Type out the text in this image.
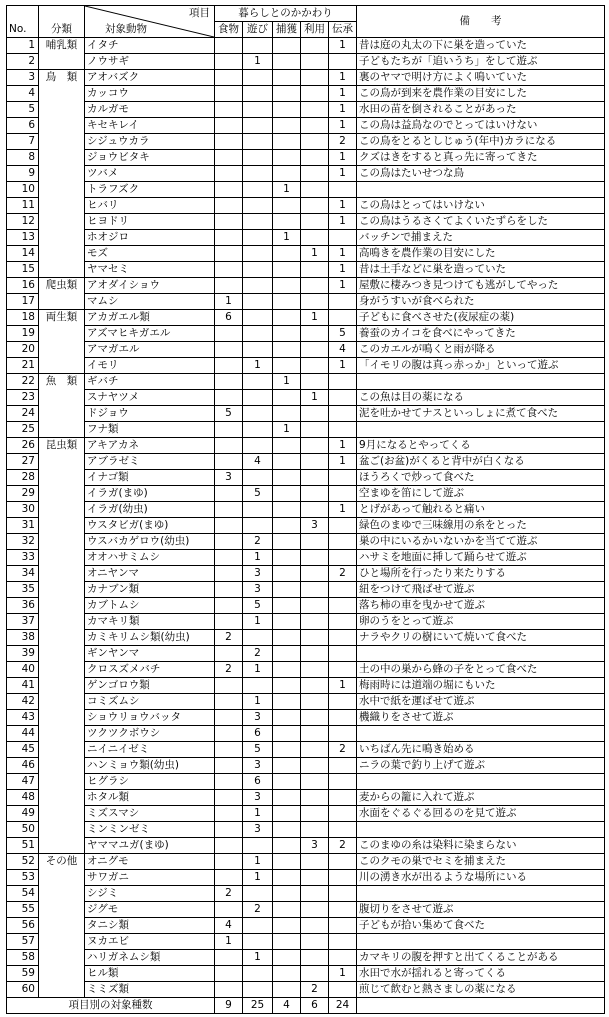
		項目
対象動物	暮らしとのかかわり					備　　考
No.	分類		食物	遊び	捕獲	利用	伝承	
1	哺乳類	イタチ					1	昔は庭の丸太の下に巣を造っていた
2		ノウサギ		1				子どもたちが「追いうち」をして遊ぶ
3	鳥　類	アオバズク					1	裏のヤマで明け方によく鳴いていた
4		カッコウ					1	この鳥が到来を農作業の目安にした
5		カルガモ					1	水田の苗を倒されることがあった
6		キセキレイ					1	この鳥は益鳥なのでとってはいけない
7		シジュウカラ					2	この鳥をとるとしじゅう(年中)カラになる
8		ジョウビタキ					1	クズはきをすると真っ先に寄ってきた
9		ツバメ					1	この鳥はたいせつな鳥
10		トラフズク			1			
11		ヒバリ					1	この鳥はとってはいけない
12		ヒヨドリ					1	この鳥はうるさくてよくいたずらをした
13		ホオジロ			1			バッチンで捕まえた
14		モズ				1	1	高鳴きを農作業の目安にした
15		ヤマセミ					1	昔は土手などに巣を造っていた
16	爬虫類	アオダイショウ					1	屋敷に棲みつき見つけても逃がしてやった
17		マムシ	1					身がうすいが食べられた
18	両生類	アカガエル類	6			1		子どもに食べさせた(夜尿症の薬)
19		アズマヒキガエル					5	養蚕のカイコを食べにやってきた
20		アマガエル					4	このカエルが鳴くと雨が降る
21		イモリ		1			1	「イモリの腹は真っ赤っか」といって遊ぶ
22	魚　類	ギバチ			1			
23		スナヤツメ				1		この魚は目の薬になる
24		ドジョウ	5					泥を吐かせてナスといっしょに煮て食べた
25		フナ類			1			
26	昆虫類	アキアカネ					1	9月になるとやってくる
27		アブラゼミ		4			1	盆ご(お盆)がくると背中が白くなる
28		イナゴ類	3					ほうろくで炒って食べた
29		イラガ(まゆ)		5				空まゆを笛にして遊ぶ
30		イラガ(幼虫)					1	とげがあって触れると痛い
31		ウスタビガ(まゆ)				3		緑色のまゆで三味線用の糸をとった
32		ウスバカゲロウ(幼虫)		2				巣の中にいるかいないかを当てて遊ぶ
33		オオハサミムシ		1				ハサミを地面に挿して踊らせて遊ぶ
34		オニヤンマ		3			2	ひと場所を行ったり来たりする
35		カナブン類		3				紐をつけて飛ばせて遊ぶ
36		カブトムシ		5				落ち柿の車を曳かせて遊ぶ
37		カマキリ類		1				卵のうをとって遊ぶ
38		カミキリムシ類(幼虫)	2					ナラやクリの樹にいて焼いて食べた
39		ギンヤンマ		2				
40		クロスズメバチ	2	1				土の中の巣から蜂の子をとって食べた
41		ゲンゴロウ類					1	梅雨時には道端の堀にもいた
42		コミズムシ		1				水中で紙を運ばせて遊ぶ
43		ショウリョウバッタ		3				機織りをさせて遊ぶ
44		ツクツクボウシ		6				
45		ニイニイゼミ		5			2	いちばん先に鳴き始める
46		ハンミョウ類(幼虫)		3				ニラの葉で釣り上げて遊ぶ
47		ヒグラシ		6				
48		ホタル類		3				麦からの籠に入れて遊ぶ
49		ミズスマシ		1				水面をぐるぐる回るのを見て遊ぶ
50		ミンミンゼミ		3				
51		ヤママユガ(まゆ)				3	2	このまゆの糸は染料に染まらない
52	その他	オニグモ		1				このクモの巣でセミを捕まえた
53		サワガニ		1				川の湧き水が出るような場所にいる
54		シジミ	2					
55		ジグモ		2				腹切りをさせて遊ぶ
56		タニシ類	4					子どもが拾い集めて食べた
57		ヌカエビ	1					
58		ハリガネムシ類		1				カマキリの腹を押すと出てくることがある
59		ヒル類					1	水田で水が揺れると寄ってくる
60		ミミズ類				2		煎じて飲むと熱さましの薬になる
項目別の対象種数			9	25	4	6	24	
